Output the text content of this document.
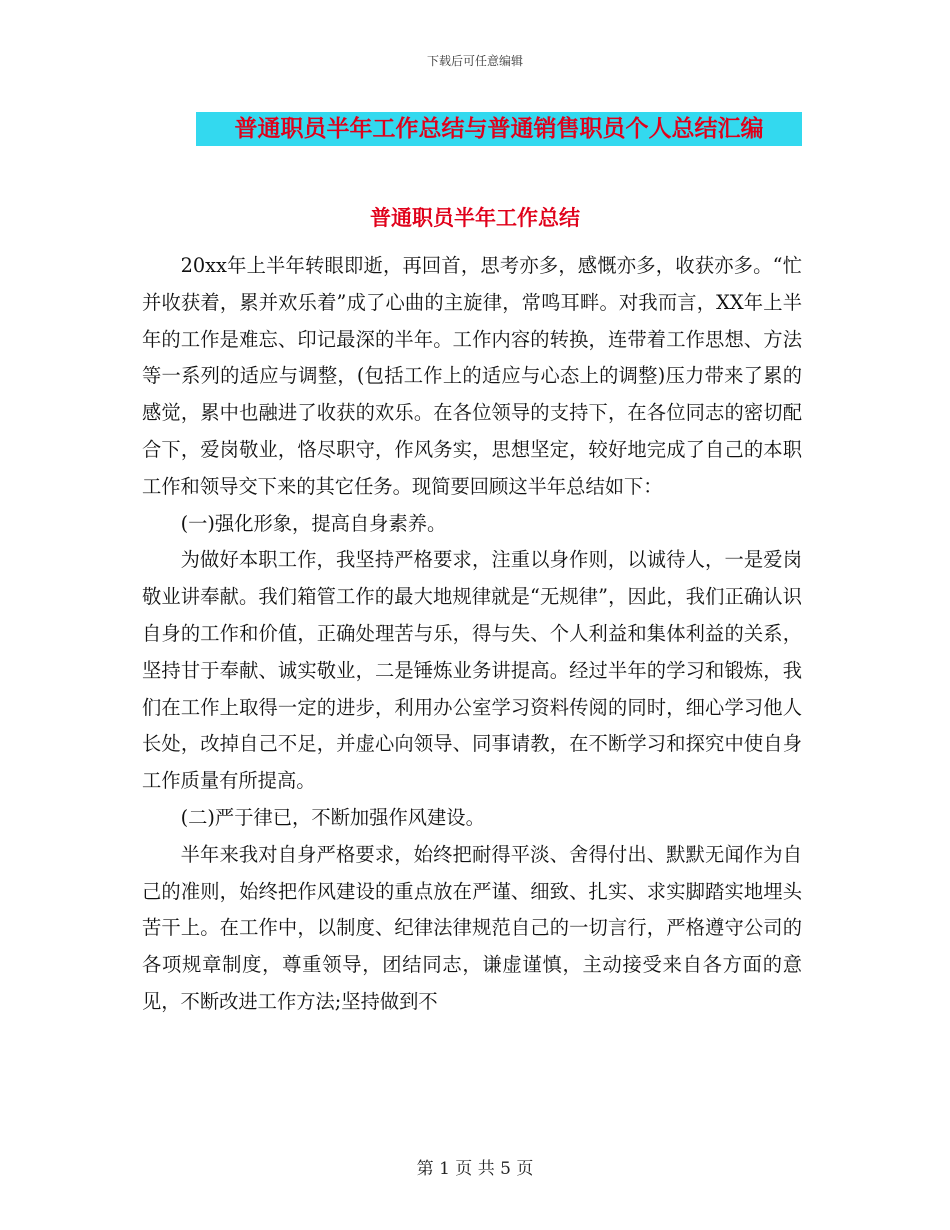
下载后可任意编辑
普通职员半年工作总结与普通销售职员个人总结汇编
普通职员半年工作总结

20xx年上半年转眼即逝，再回首，思考亦多，感慨亦多，收获亦多。“忙并收获着，累并欢乐着”成了心曲的主旋律，常鸣耳畔。对我而言，XX年上半年的工作是难忘、印记最深的半年。工作内容的转换，连带着工作思想、方法等一系列的适应与调整，(包括工作上的适应与心态上的调整)压力带来了累的感觉，累中也融进了收获的欢乐。在各位领导的支持下，在各位同志的密切配合下，爱岗敬业，恪尽职守，作风务实，思想坚定，较好地完成了自己的本职工作和领导交下来的其它任务。现简要回顾这半年总结如下：

(一)强化形象，提高自身素养。

为做好本职工作，我坚持严格要求，注重以身作则，以诚待人，一是爱岗敬业讲奉献。我们箱管工作的最大地规律就是“无规律”，因此，我们正确认识自身的工作和价值，正确处理苦与乐，得与失、个人利益和集体利益的关系，坚持甘于奉献、诚实敬业，二是锤炼业务讲提高。经过半年的学习和锻炼，我们在工作上取得一定的进步，利用办公室学习资料传阅的同时，细心学习他人长处，改掉自己不足，并虚心向领导、同事请教，在不断学习和探究中使自身工作质量有所提高。

(二)严于律已，不断加强作风建设。

半年来我对自身严格要求，始终把耐得平淡、舍得付出、默默无闻作为自己的准则，始终把作风建设的重点放在严谨、细致、扎实、求实脚踏实地埋头苦干上。在工作中，以制度、纪律法律规范自己的一切言行，严格遵守公司的各项规章制度，尊重领导，团结同志，谦虚谨慎，主动接受来自各方面的意见，不断改进工作方法;坚持做到不

第 1 页 共 5 页
